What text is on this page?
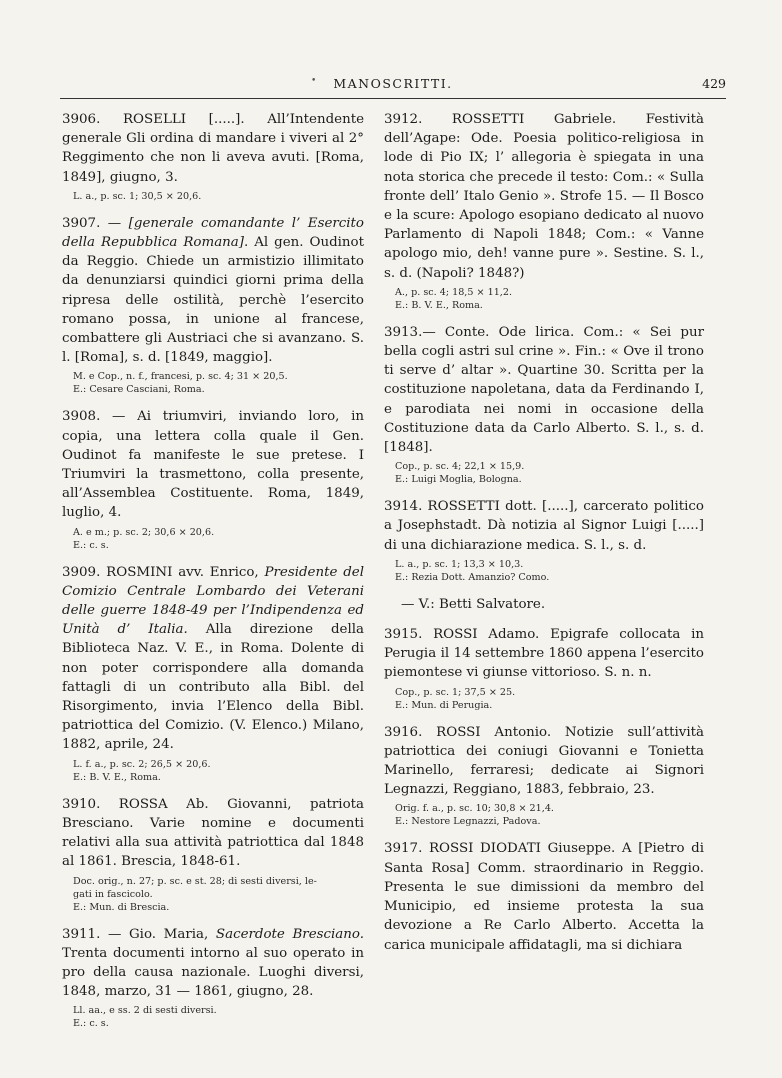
•	MANOSCRITTI.	429

3906. ROSELLI [.....]. All’Intendente generale Gli ordina di mandare i viveri al 2° Reggimento che non li aveva avuti. [Roma, 1849], giugno, 3.

L. a., p. sc. 1; 30,5 × 20,6.

3907. — [generale comandante l’ Esercito della Repubblica Romana]. Al gen. Oudinot da Reggio. Chiede un armistizio illimitato da denunziarsi quindici giorni prima della ripresa delle ostilità, perchè l’esercito romano possa, in unione al francese, combattere gli Austriaci che si avanzano. S. l. [Roma], s. d. [1849, maggio].

M. e Cop., n. f., francesi, p. sc. 4; 31 × 20,5.
E.: Cesare Casciani, Roma.

3908. — Ai triumviri, inviando loro, in copia, una lettera colla quale il Gen. Oudinot fa manifeste le sue pretese. I Triumviri la trasmettono, colla presente, all’Assemblea Costituente. Roma, 1849, luglio, 4.

A. e m.; p. sc. 2; 30,6 × 20,6.
E.: c. s.

3909. ROSMINI avv. Enrico, Presidente del Comizio Centrale Lombardo dei Veterani delle guerre 1848-49 per l’Indipendenza ed Unità d’ Italia. Alla direzione della Biblioteca Naz. V. E., in Roma. Dolente di non poter corrispondere alla domanda fattagli di un contributo alla Bibl. del Risorgimento, invia l’Elenco della Bibl. patriottica del Comizio. (V. Elenco.) Milano, 1882, aprile, 24.

L. f. a., p. sc. 2; 26,5 × 20,6.
E.: B. V. E., Roma.

3910. ROSSA Ab. Giovanni, patriota Bresciano. Varie nomine e documenti relativi alla sua attività patriottica dal 1848 al 1861. Brescia, 1848-61.

Doc. orig., n. 27; p. sc. e st. 28; di sesti diversi, le-
gati in fascicolo.
E.: Mun. di Brescia.

3911. — Gio. Maria, Sacerdote Bresciano. Trenta documenti intorno al suo operato in pro della causa nazionale. Luoghi diversi, 1848, marzo, 31 — 1861, giugno, 28.

Ll. aa., e ss. 2 di sesti diversi.
E.: c. s.

3912. ROSSETTI Gabriele. Festività dell’Agape: Ode. Poesia politico-religiosa in lode di Pio IX; l’ allegoria è spiegata in una nota storica che precede il testo: Com.: « Sulla fronte dell’ Italo Genio ». Strofe 15. — Il Bosco e la scure: Apologo esopiano dedicato al nuovo Parlamento di Napoli 1848; Com.: « Vanne apologo mio, deh! vanne pure ». Sestine. S. l., s. d. (Napoli? 1848?)

A., p. sc. 4; 18,5 × 11,2.
E.: B. V. E., Roma.

3913.— Conte. Ode lirica. Com.: « Sei pur bella cogli astri sul crine ». Fin.: « Ove il trono ti serve d’ altar ». Quartine 30. Scritta per la costituzione napoletana, data da Ferdinando I, e parodiata nei nomi in occasione della Costituzione data da Carlo Alberto. S. l., s. d. [1848].

Cop., p. sc. 4; 22,1 × 15,9.
E.: Luigi Moglia, Bologna.

3914. ROSSETTI dott. [.....], carcerato politico a Josephstadt. Dà notizia al Signor Luigi [.....] di una dichiarazione medica. S. l., s. d.

L. a., p. sc. 1; 13,3 × 10,3.
E.: Rezia Dott. Amanzio? Como.

— V.: Betti Salvatore.

3915. ROSSI Adamo. Epigrafe collocata in Perugia il 14 settembre 1860 appena l’esercito piemontese vi giunse vittorioso. S. n. n.

Cop., p. sc. 1; 37,5 × 25.
E.: Mun. di Perugia.

3916. ROSSI Antonio. Notizie sull’attività patriottica dei coniugi Giovanni e Tonietta Marinello, ferraresi; dedicate ai Signori Legnazzi, Reggiano, 1883, febbraio, 23.

Orig. f. a., p. sc. 10; 30,8 × 21,4.
E.: Nestore Legnazzi, Padova.

3917. ROSSI DIODATI Giuseppe. A [Pietro di Santa Rosa] Comm. straordinario in Reggio. Presenta le sue dimissioni da membro del Municipio, ed insieme protesta la sua devozione a Re Carlo Alberto. Accetta la carica municipale affidatagli, ma si dichiara
